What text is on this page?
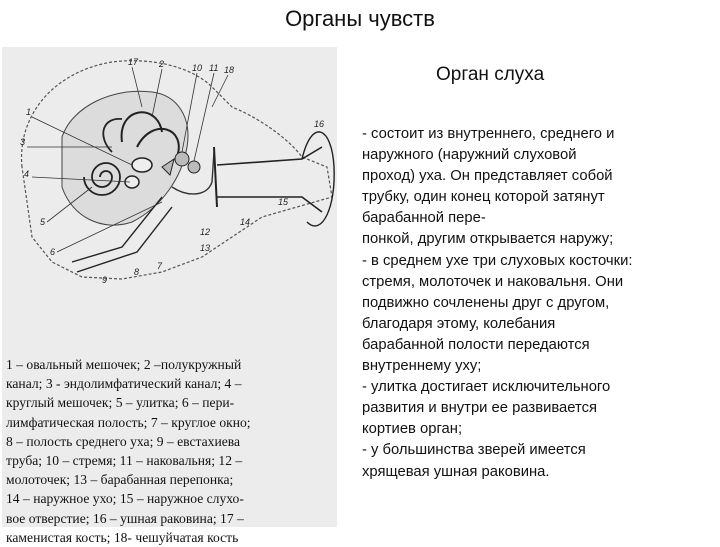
Органы чувств
Орган слуха
17 2	10 11 18
1
3
4
5
6
16
14
15
12
13
7
8
9
1 – овальный мешочек; 2 –полукружный
канал; 3 - эндолимфатический канал; 4 –
круглый мешочек; 5 – улитка; 6 – пери-
лимфатическая полость; 7 – круглое окно;
8 – полость среднего уха; 9 – евстахиева
труба; 10 – стремя; 11 – наковальня; 12 –
молоточек; 13 – барабанная перепонка;
14 – наружное ухо; 15 – наружное слухо-
вое отверстие; 16 – ушная раковина; 17 –
каменистая кость; 18- чешуйчатая кость
- состоит из внутреннего, среднего и
наружного (наружний слуховой
проход) уха. Он представляет собой
трубку, один конец которой затянут
барабанной пере-
понкой, другим открывается наружу;
- в среднем ухе три слуховых косточки:
стремя, молоточек и наковальня. Они
подвижно сочленены друг с другом,
благодаря этому, колебания
барабанной полости передаются
внутреннему уху;
- улитка достигает исключительного
развития и внутри ее развивается
кортиев орган;
- у большинства зверей имеется
хрящевая ушная раковина.
